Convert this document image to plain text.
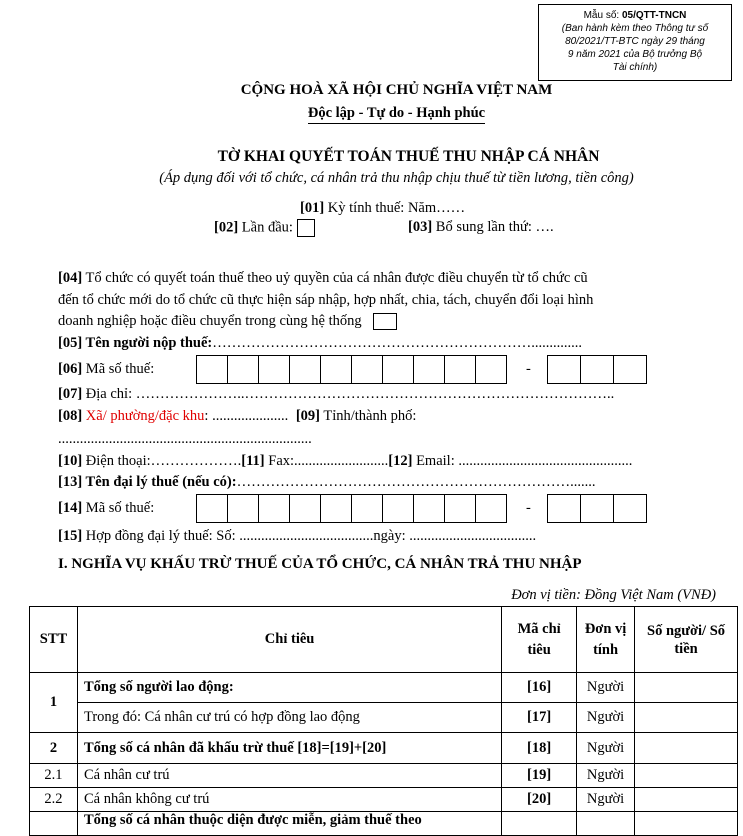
Mẫu số: 05/QTT-TNCN
(Ban hành kèm theo Thông tư số
80/2021/TT-BTC ngày 29 tháng
9 năm 2021 của Bộ trưởng Bộ
Tài chính)
CỘNG HOÀ XÃ HỘI CHỦ NGHĨA VIỆT NAM
Độc lập - Tự do - Hạnh phúc
TỜ KHAI QUYẾT TOÁN THUẾ THU NHẬP CÁ NHÂN
(Áp dụng đối với tổ chức, cá nhân trả thu nhập chịu thuế từ tiền lương, tiền công)
[01] Kỳ tính thuế: Năm……
[02] Lần đầu:	[03] Bổ sung lần thứ: ….
[04] Tổ chức có quyết toán thuế theo uỷ quyền của cá nhân được điều chuyển từ tổ chức cũ
đến tổ chức mới do tổ chức cũ thực hiện sáp nhập, hợp nhất, chia, tách, chuyển đổi loại hình
doanh nghiệp hoặc điều chuyển trong cùng hệ thống
[05] Tên người nộp thuế:…………………………………………………………..............
[06] Mã số thuế:	-
[07] Địa chỉ: …………………..…………………………………………………………………..
[08] Xã/ phường/đặc khu: ..................... [09] Tỉnh/thành phố:
......................................................................
[10] Điện thoại:……………….[11] Fax:..........................[12] Email: ................................................
[13] Tên đại lý thuế (nếu có):…………………………………………………………….......
[14] Mã số thuế:	-
[15] Hợp đồng đại lý thuế: Số: .....................................ngày: ...................................
I. NGHĨA VỤ KHẤU TRỪ THUẾ CỦA TỔ CHỨC, CÁ NHÂN TRẢ THU NHẬP
Đơn vị tiền: Đồng Việt Nam (VNĐ)
STT	Chỉ tiêu	Mã chỉ tiêu	Đơn vị tính	Số người/ Số tiền
1	Tổng số người lao động:	[16]	Người	
	Trong đó: Cá nhân cư trú có hợp đồng lao động	[17]	Người	
2	Tổng số cá nhân đã khấu trừ thuế [18]=[19]+[20]	[18]	Người	
2.1	Cá nhân cư trú	[19]	Người	
2.2	Cá nhân không cư trú	[20]	Người	
	Tổng số cá nhân thuộc diện được miễn, giảm thuế theo			
